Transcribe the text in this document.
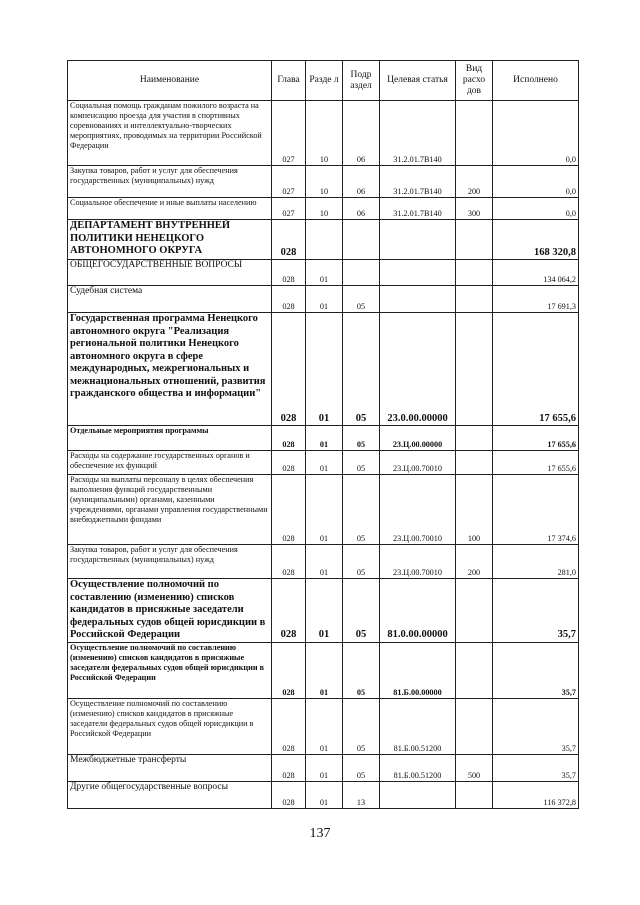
Наименование	Глава	Разде л	Подр аздел	Целевая статья	Вид расхо дов	Исполнено
Социальная помощь гражданам пожилого возраста на компенсацию проезда для участия в спортивных соревнованиях и интеллектуально-творческих мероприятиях, проводимых на территории Российской Федерации	027	10	06	31.2.01.7В140		0,0
Закупка товаров, работ и услуг для обеспечения государственных (муниципальных) нужд	027	10	06	31.2.01.7В140	200	0,0
Социальное обеспечение и иные выплаты населению	027	10	06	31.2.01.7В140	300	0,0
ДЕПАРТАМЕНТ ВНУТРЕННЕЙ ПОЛИТИКИ НЕНЕЦКОГО АВТОНОМНОГО ОКРУГА	028					168 320,8
ОБЩЕГОСУДАРСТВЕННЫЕ ВОПРОСЫ	028	01				134 064,2
Судебная система	028	01	05			17 691,3
Государственная программа Ненецкого автономного округа "Реализация региональной политики Ненецкого автономного округа в сфере международных, межрегиональных и межнациональных отношений, развития гражданского общества и информации"	028	01	05	23.0.00.00000		17 655,6
Отдельные мероприятия программы	028	01	05	23.Ц.00.00000		17 655,6
Расходы на содержание государственных органов и обеспечение их функций	028	01	05	23.Ц.00.70010		17 655,6
Расходы на выплаты персоналу в целях обеспечения выполнения функций государственными (муниципальными) органами, казенными учреждениями, органами управления государственными внебюджетными фондами	028	01	05	23.Ц.00.70010	100	17 374,6
Закупка товаров, работ и услуг для обеспечения государственных (муниципальных) нужд	028	01	05	23.Ц.00.70010	200	281,0
Осуществление полномочий по составлению (изменению) списков кандидатов в присяжные заседатели федеральных судов общей юрисдикции в Российской Федерации	028	01	05	81.0.00.00000		35,7
Осуществление полномочий по составлению (изменению) списков кандидатов в присяжные заседатели федеральных судов общей юрисдикции в Российской Федерации	028	01	05	81.Б.00.00000		35,7
Осуществление полномочий по составлению (изменению) списков кандидатов в присяжные заседатели федеральных судов общей юрисдикции в Российской Федерации	028	01	05	81.Б.00.51200		35,7
Межбюджетные трансферты	028	01	05	81.Б.00.51200	500	35,7
Другие общегосударственные вопросы	028	01	13			116 372,8
137
